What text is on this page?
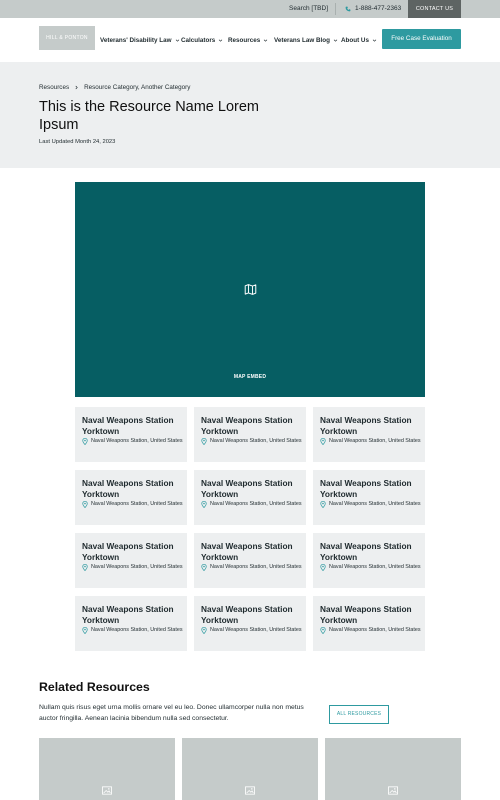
Search [TBD]	1-888-477-2363	CONTACT US
HILL & PONTON	Veterans' Disability Law Calculators Resources Veterans Law Blog About Us	Free Case Evaluation
Resources Resource Category, Another Category
This is the Resource Name Lorem Ipsum
Last Updated Month 24, 2023
MAP EMBED
Naval Weapons Station Yorktown
Naval Weapons Station, United States
Naval Weapons Station Yorktown
Naval Weapons Station, United States
Naval Weapons Station Yorktown
Naval Weapons Station, United States
Naval Weapons Station Yorktown
Naval Weapons Station, United States
Naval Weapons Station Yorktown
Naval Weapons Station, United States
Naval Weapons Station Yorktown
Naval Weapons Station, United States
Naval Weapons Station Yorktown
Naval Weapons Station, United States
Naval Weapons Station Yorktown
Naval Weapons Station, United States
Naval Weapons Station Yorktown
Naval Weapons Station, United States
Naval Weapons Station Yorktown
Naval Weapons Station, United States
Naval Weapons Station Yorktown
Naval Weapons Station, United States
Naval Weapons Station Yorktown
Naval Weapons Station, United States
Related Resources

Nullam quis risus eget urna mollis ornare vel eu leo. Donec ullamcorper nulla non metus auctor fringilla. Aenean lacinia bibendum nulla sed consectetur.

ALL RESOURCES
